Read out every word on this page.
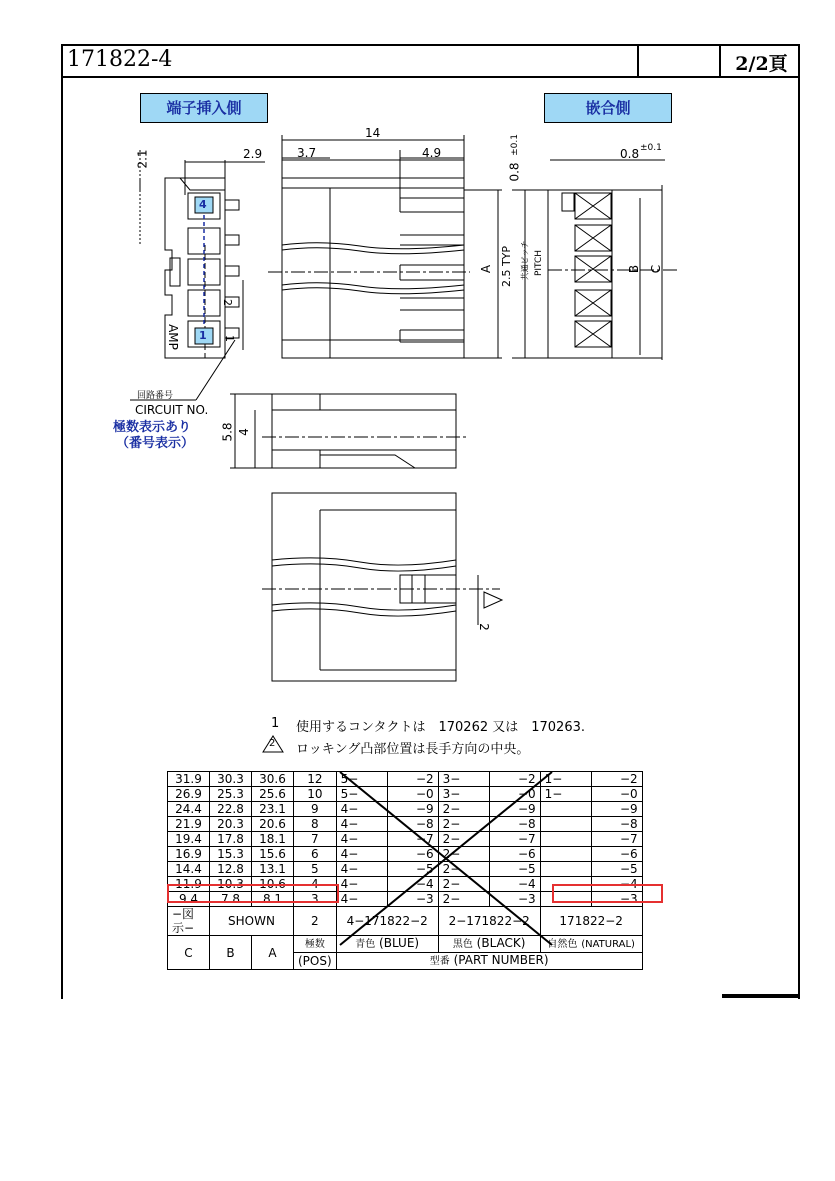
171822-4	2/2頁
端子挿入側	嵌合側
2.1	2.9
14
3.7	4.9
0.8
±0.1	0.8 ±0.1
A	B C
2.5 TYP 共通ピッチ PITCH
4
1
2
1
AMP
5.8 4
2
回路番号
CIRCUIT NO.
極数表示あり
（番号表示）
1 使用するコンタクトは　170262 又は　170263.
2 ロッキング凸部位置は長手方向の中央。
31.9	30.3	30.6	12	5−	−2	3−	−2	1−	−2
26.9	25.3	25.6	10	5−	−0	3−	−0	1−	−0
24.4	22.8	23.1	9	4−	−9	2−	−9		−9
21.9	20.3	20.6	8	4−	−8	2−	−8		−8
19.4	17.8	18.1	7	4−	−7	2−	−7		−7
16.9	15.3	15.6	6	4−	−6	2−	−6		−6
14.4	12.8	13.1	5	4−	−5	2−	−5		−5
11.9	10.3	10.6	4	4−	−4	2−	−4		−4
9.4	7.8	8.1	3	4−	−3	2−	−3		−3
−図示−	SHOWN		2	4−171822−2		2−171822−2		171822−2	
C	B	A	極数	青色 (BLUE)		黒色 (BLACK)		自然色 (NATURAL)	
			(POS)	型番 (PART NUMBER)					
